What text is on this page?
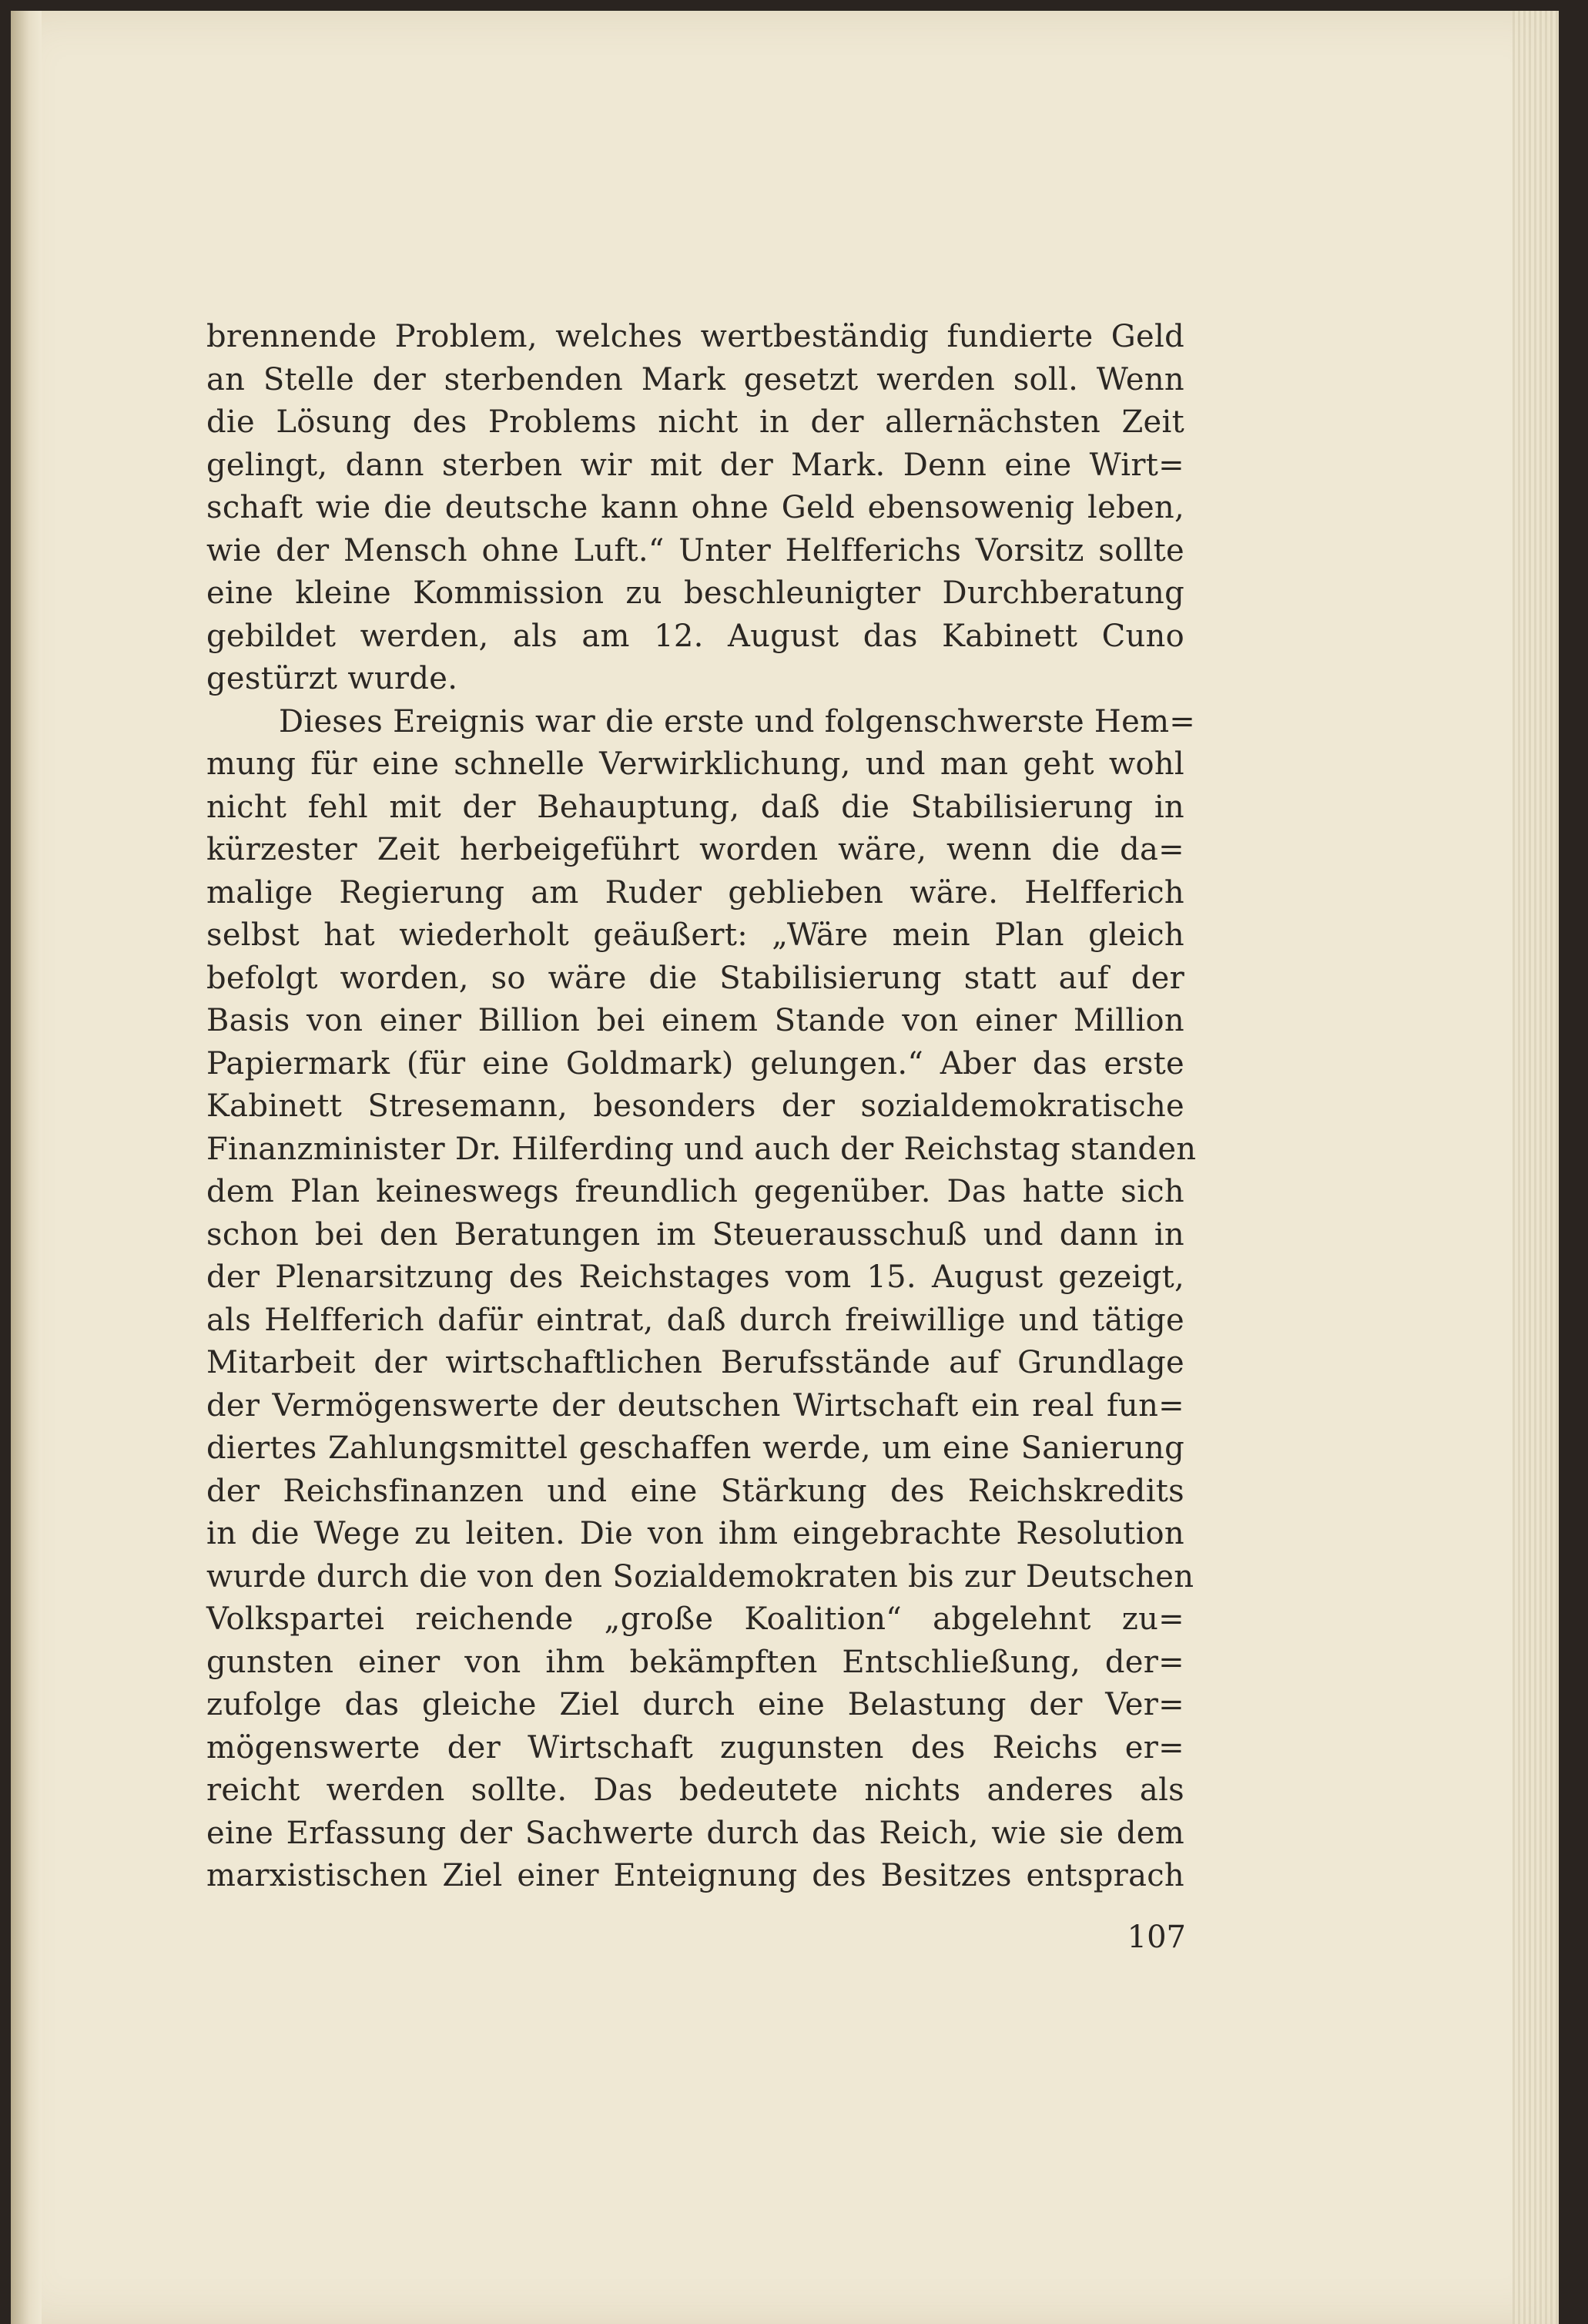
brennende Problem, welches wertbeständig fundierte Geld
an Stelle der sterbenden Mark gesetzt werden soll. Wenn
die Lösung des Problems nicht in der allernächsten Zeit
gelingt, dann sterben wir mit der Mark. Denn eine Wirt=
schaft wie die deutsche kann ohne Geld ebensowenig leben,
wie der Mensch ohne Luft.“ Unter Helfferichs Vorsitz sollte
eine kleine Kommission zu beschleunigter Durchberatung
gebildet werden, als am 12. August das Kabinett Cuno
gestürzt wurde.
Dieses Ereignis war die erste und folgenschwerste Hem=
mung für eine schnelle Verwirklichung, und man geht wohl
nicht fehl mit der Behauptung, daß die Stabilisierung in
kürzester Zeit herbeigeführt worden wäre, wenn die da=
malige Regierung am Ruder geblieben wäre. Helfferich
selbst hat wiederholt geäußert: „Wäre mein Plan gleich
befolgt worden, so wäre die Stabilisierung statt auf der
Basis von einer Billion bei einem Stande von einer Million
Papiermark (für eine Goldmark) gelungen.“ Aber das erste
Kabinett Stresemann, besonders der sozialdemokratische
Finanzminister Dr. Hilferding und auch der Reichstag standen
dem Plan keineswegs freundlich gegenüber. Das hatte sich
schon bei den Beratungen im Steuerausschuß und dann in
der Plenarsitzung des Reichstages vom 15. August gezeigt,
als Helfferich dafür eintrat, daß durch freiwillige und tätige
Mitarbeit der wirtschaftlichen Berufsstände auf Grundlage
der Vermögenswerte der deutschen Wirtschaft ein real fun=
diertes Zahlungsmittel geschaffen werde, um eine Sanierung
der Reichsfinanzen und eine Stärkung des Reichskredits
in die Wege zu leiten. Die von ihm eingebrachte Resolution
wurde durch die von den Sozialdemokraten bis zur Deutschen
Volkspartei reichende „große Koalition“ abgelehnt zu=
gunsten einer von ihm bekämpften Entschließung, der=
zufolge das gleiche Ziel durch eine Belastung der Ver=
mögenswerte der Wirtschaft zugunsten des Reichs er=
reicht werden sollte. Das bedeutete nichts anderes als
eine Erfassung der Sachwerte durch das Reich, wie sie dem
marxistischen Ziel einer Enteignung des Besitzes entsprach
107
